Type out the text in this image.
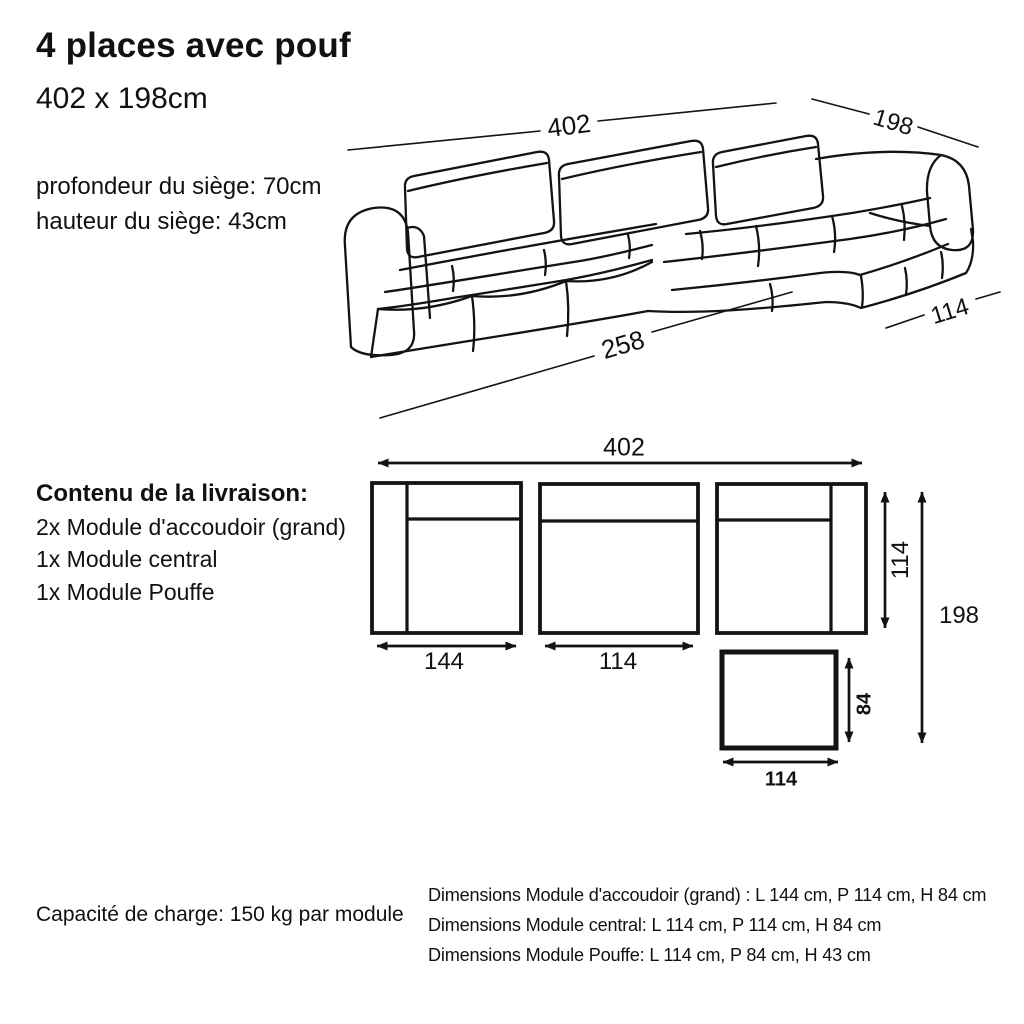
4 places avec pouf
402 x 198cm
profondeur du siège: 70cm
hauteur du siège: 43cm
402	198
114
258
Contenu de la livraison:
2x Module d'accoudoir (grand)
1x Module central
1x Module Pouffe
402
144	114
114
198
84
114
Capacité de charge: 150 kg par module
Dimensions Module d'accoudoir (grand) : L 144 cm, P 114 cm, H 84 cm
Dimensions Module central: L 114 cm, P 114 cm, H 84 cm
Dimensions Module Pouffe: L 114 cm, P 84 cm, H 43 cm
